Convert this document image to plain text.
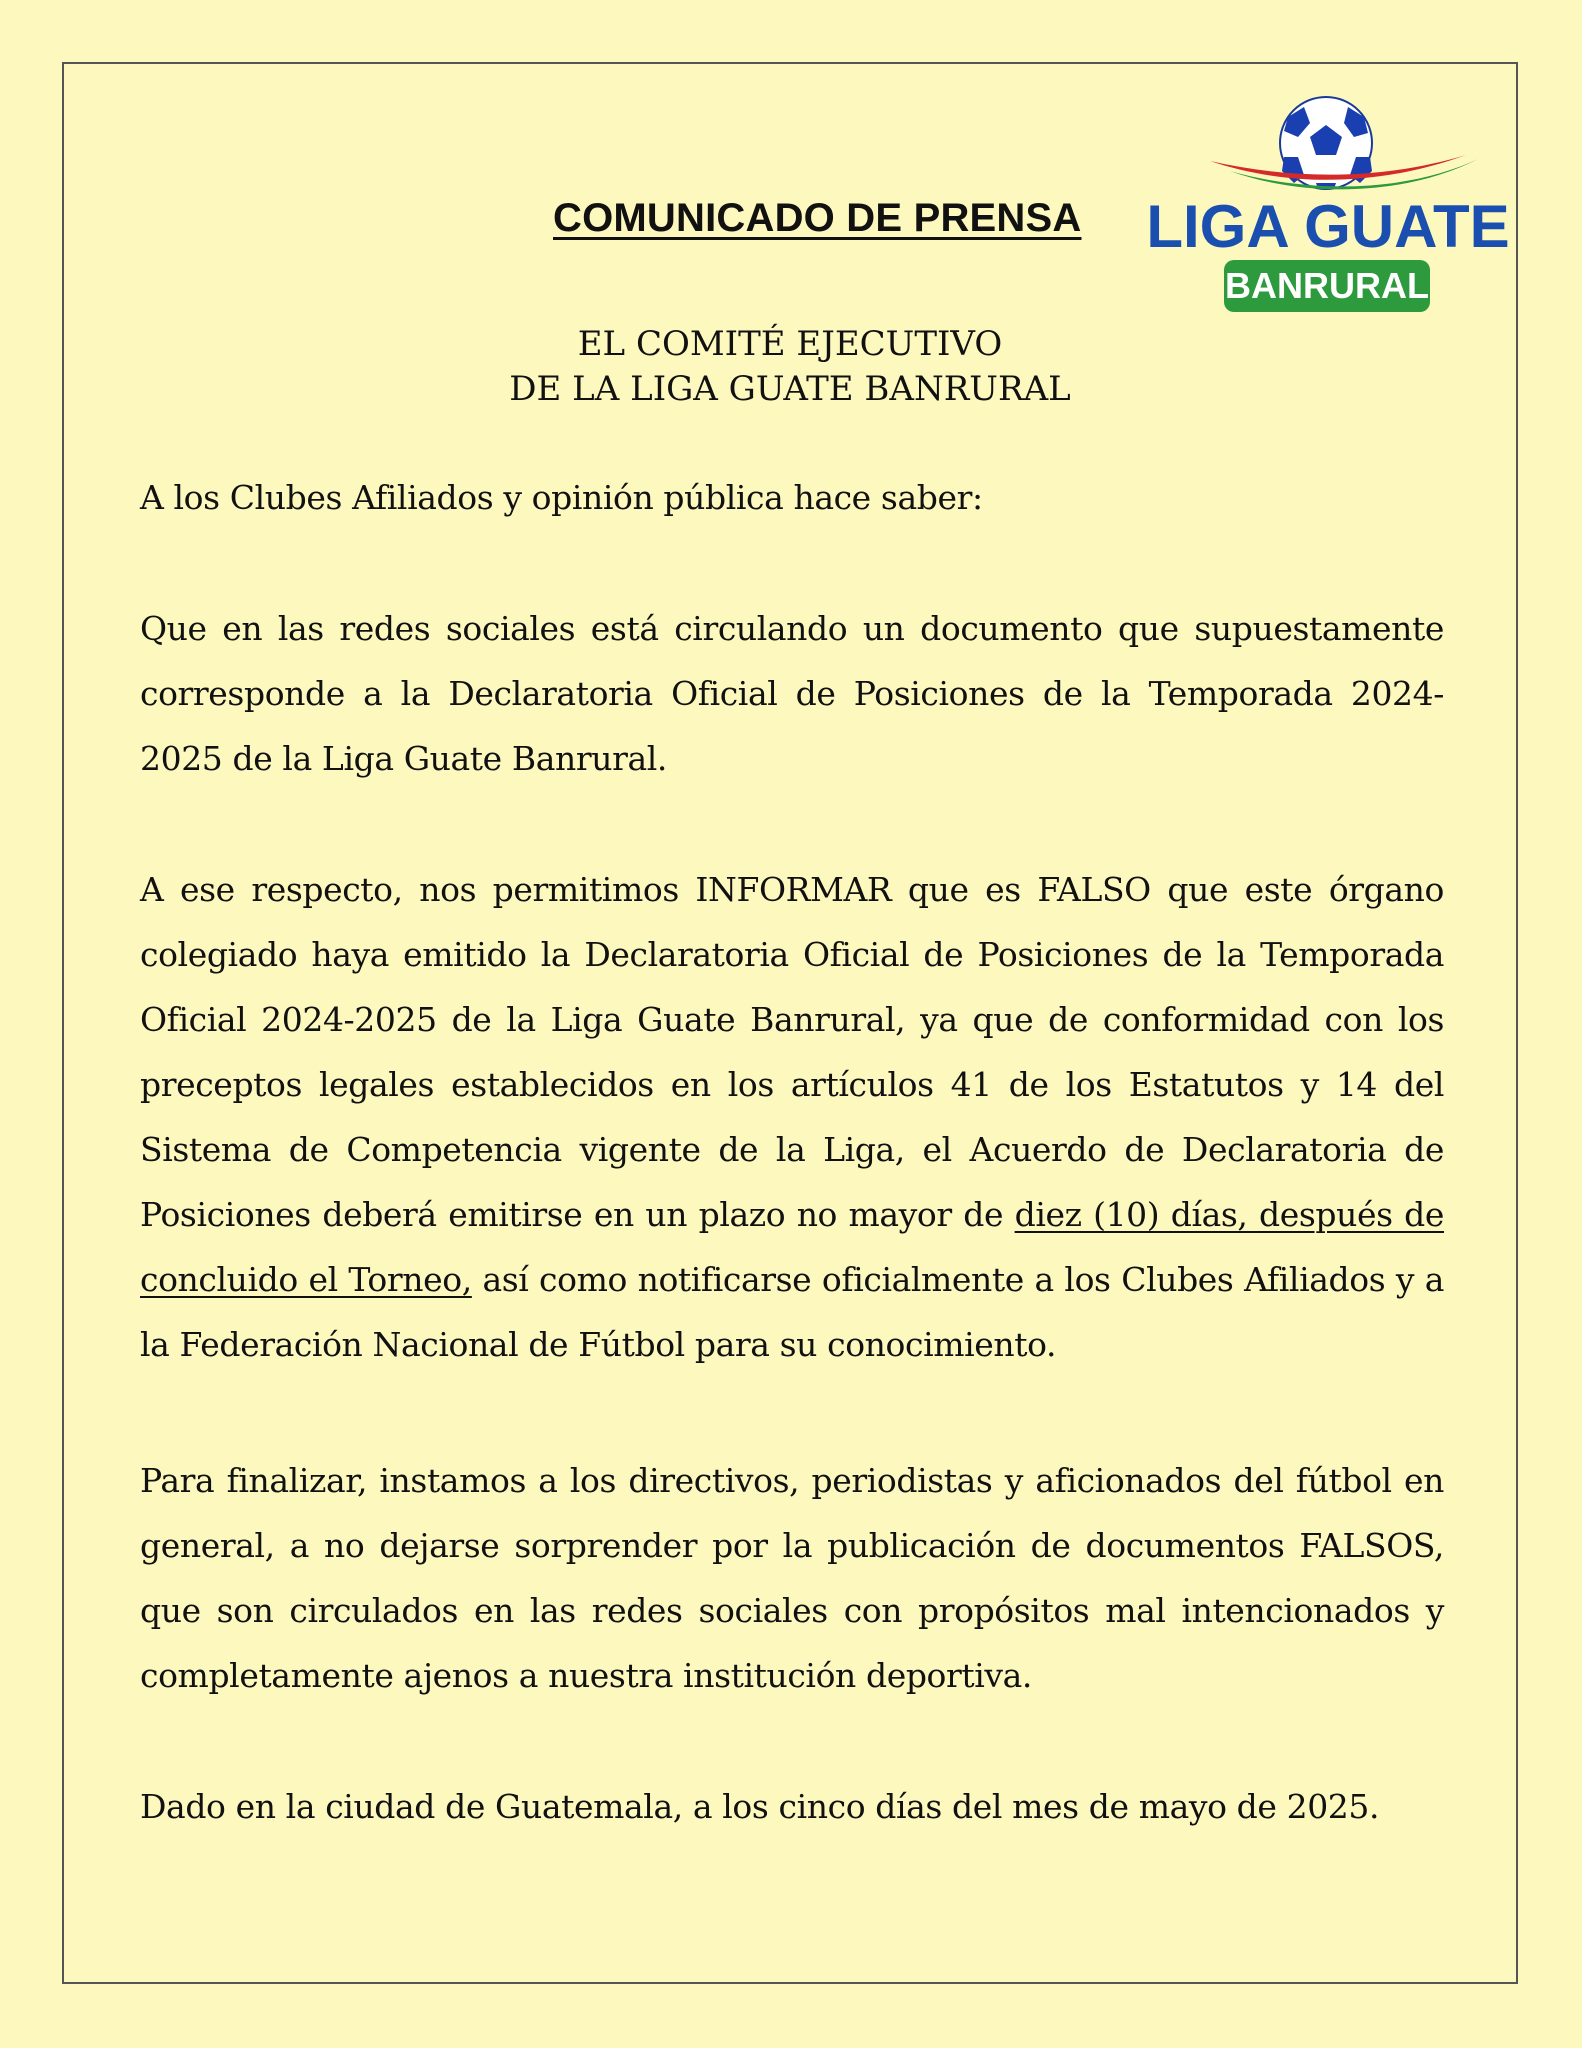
COMUNICADO DE PRENSA LIGA GUATE
BANRURAL
EL COMITÉ EJECUTIVO
DE LA LIGA GUATE BANRURAL
A los Clubes Afiliados y opinión pública hace saber:
Que en las redes sociales está circulando un documento que supuestamente corresponde a la Declaratoria Oficial de Posiciones de la Temporada 2024-2025 de la Liga Guate Banrural.
A ese respecto, nos permitimos INFORMAR que es FALSO que este órgano colegiado haya emitido la Declaratoria Oficial de Posiciones de la Temporada Oficial 2024-2025 de la Liga Guate Banrural, ya que de conformidad con los preceptos legales establecidos en los artículos 41 de los Estatutos y 14 del Sistema de Competencia vigente de la Liga, el Acuerdo de Declaratoria de Posiciones deberá emitirse en un plazo no mayor de diez (10) días, después de concluido el Torneo, así como notificarse oficialmente a los Clubes Afiliados y a la Federación Nacional de Fútbol para su conocimiento.
Para finalizar, instamos a los directivos, periodistas y aficionados del fútbol en general, a no dejarse sorprender por la publicación de documentos FALSOS, que son circulados en las redes sociales con propósitos mal intencionados y completamente ajenos a nuestra institución deportiva.
Dado en la ciudad de Guatemala, a los cinco días del mes de mayo de 2025.
